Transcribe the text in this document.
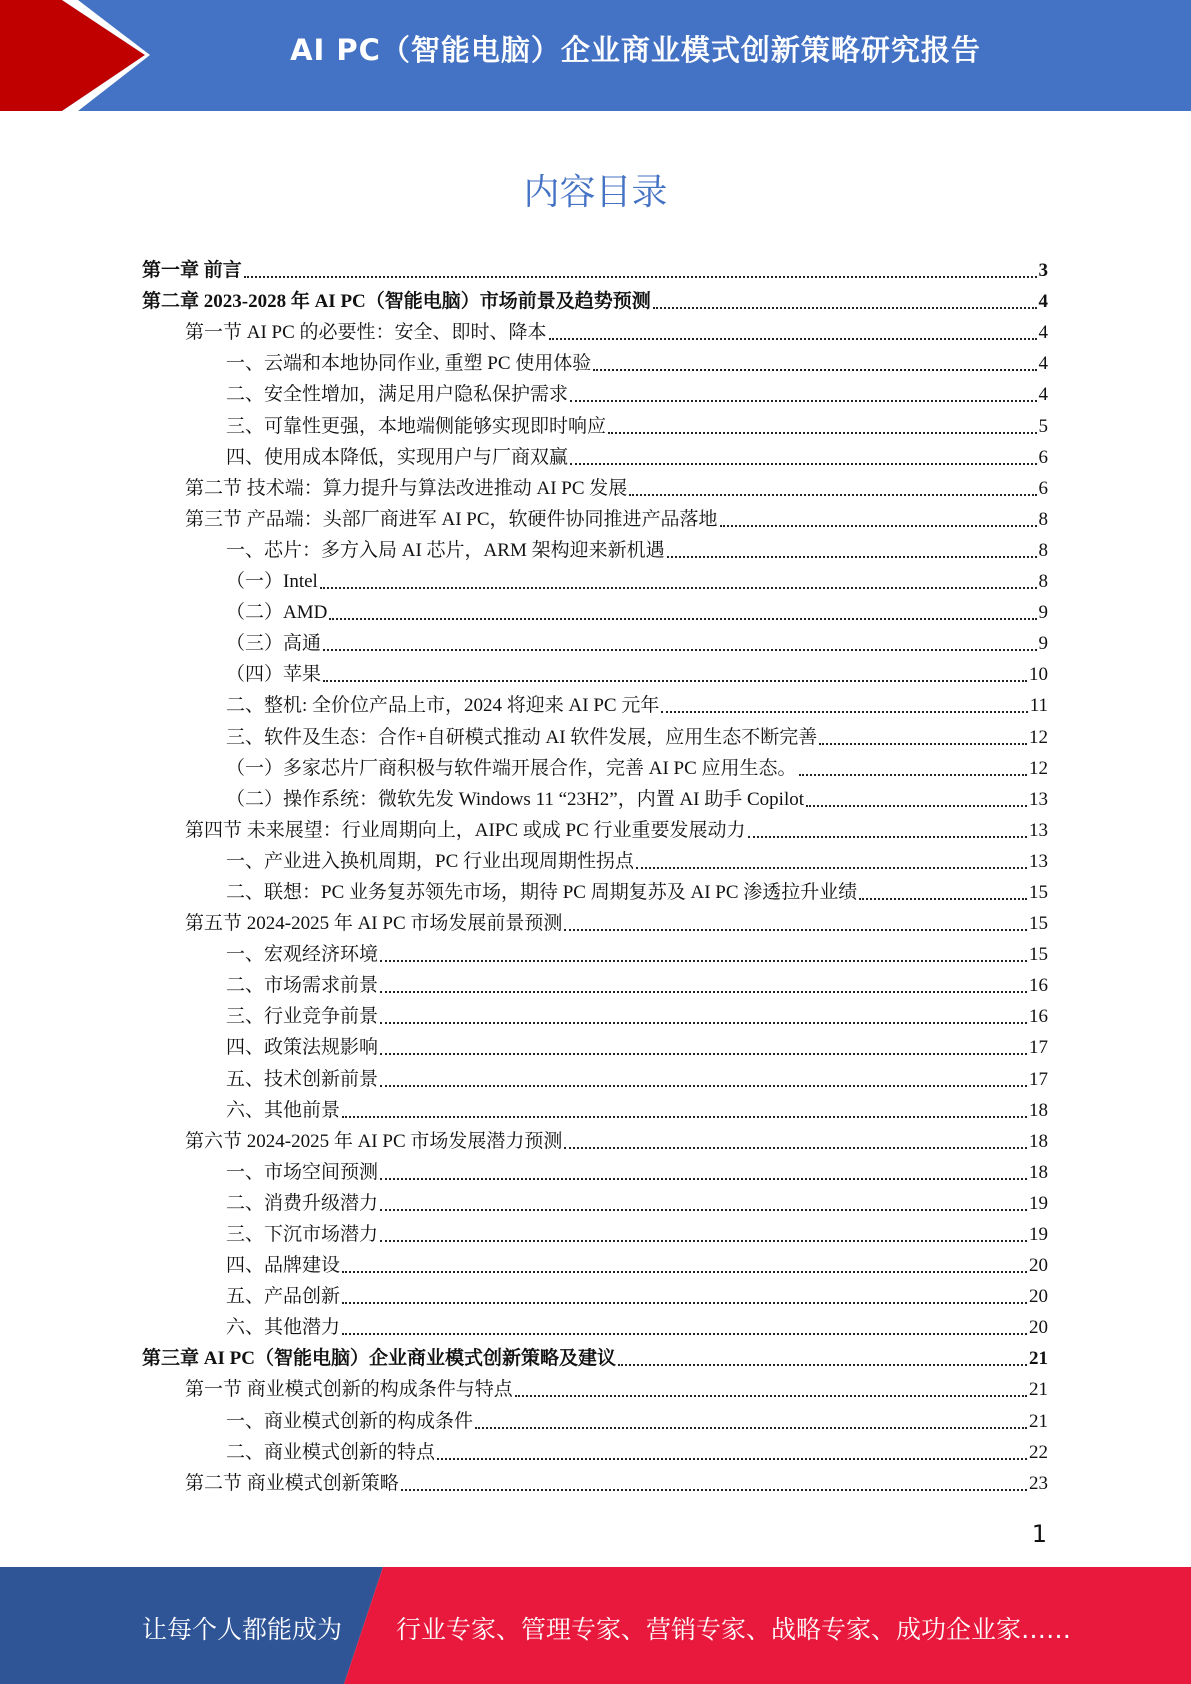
AI PC（智能电脑）企业商业模式创新策略研究报告
内容目录
第一章 前言	3
第二章 2023-2028 年 AI PC（智能电脑）市场前景及趋势预测	4
第一节 AI PC 的必要性：安全、即时、降本	4
一、云端和本地协同作业, 重塑 PC 使用体验	4
二、安全性增加，满足用户隐私保护需求	4
三、可靠性更强，本地端侧能够实现即时响应	5
四、使用成本降低，实现用户与厂商双赢	6
第二节 技术端：算力提升与算法改进推动 AI PC 发展	6
第三节 产品端：头部厂商进军 AI PC，软硬件协同推进产品落地	8
一、芯片：多方入局 AI 芯片，ARM 架构迎来新机遇	8
（一）Intel	8
（二）AMD	9
（三）高通	9
（四）苹果	10
二、整机: 全价位产品上市，2024 将迎来 AI PC 元年	11
三、软件及生态：合作+自研模式推动 AI 软件发展，应用生态不断完善	12
（一）多家芯片厂商积极与软件端开展合作，完善 AI PC 应用生态。	12
（二）操作系统：微软先发 Windows 11 “23H2”，内置 AI 助手 Copilot	13
第四节 未来展望：行业周期向上，AIPC 或成 PC 行业重要发展动力	13
一、产业进入换机周期，PC 行业出现周期性拐点	13
二、联想：PC 业务复苏领先市场，期待 PC 周期复苏及 AI PC 渗透拉升业绩	15
第五节 2024-2025 年 AI PC 市场发展前景预测	15
一、宏观经济环境	15
二、市场需求前景	16
三、行业竞争前景	16
四、政策法规影响	17
五、技术创新前景	17
六、其他前景	18
第六节 2024-2025 年 AI PC 市场发展潜力预测	18
一、市场空间预测	18
二、消费升级潜力	19
三、下沉市场潜力	19
四、品牌建设	20
五、产品创新	20
六、其他潜力	20
第三章 AI PC（智能电脑）企业商业模式创新策略及建议	21
第一节 商业模式创新的构成条件与特点	21
一、商业模式创新的构成条件	21
二、商业模式创新的特点	22
第二节 商业模式创新策略	23
1
让每个人都能成为 行业专家、管理专家、营销专家、战略专家、成功企业家……
